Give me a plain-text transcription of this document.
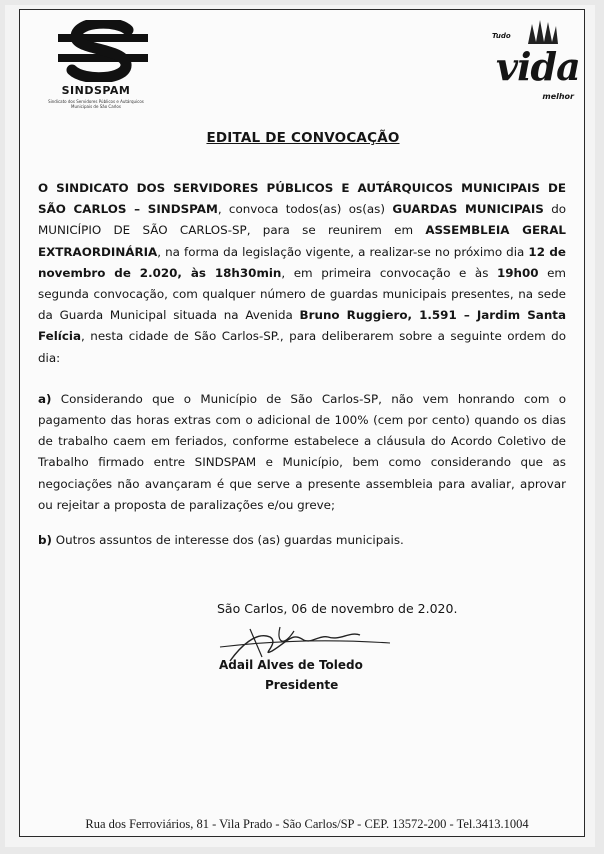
SINDSPAM
Sindicato dos Servidores Públicos e Autárquicos Municipais de São Carlos
Tudo
vida
melhor
EDITAL DE CONVOCAÇÃO

O SINDICATO DOS SERVIDORES PÚBLICOS E AUTÁRQUICOS MUNICIPAIS DE SÃO CARLOS – SINDSPAM, convoca todos(as) os(as) GUARDAS MUNICIPAIS do MUNICÍPIO DE SÃO CARLOS-SP, para se reunirem em ASSEMBLEIA GERAL EXTRAORDINÁRIA, na forma da legislação vigente, a realizar-se no próximo dia 12 de novembro de 2.020, às 18h30min, em primeira convocação e às 19h00 em segunda convocação, com qualquer número de guardas municipais presentes, na sede da Guarda Municipal situada na Avenida Bruno Ruggiero, 1.591 – Jardim Santa Felícia, nesta cidade de São Carlos-SP., para deliberarem sobre a seguinte ordem do dia:

a) Considerando que o Município de São Carlos-SP, não vem honrando com o pagamento das horas extras com o adicional de 100% (cem por cento) quando os dias de trabalho caem em feriados, conforme estabelece a cláusula do Acordo Coletivo de Trabalho firmado entre SINDSPAM e Município, bem como considerando que as negociações não avançaram é que serve a presente assembleia para avaliar, aprovar ou rejeitar a proposta de paralizações e/ou greve;

b) Outros assuntos de interesse dos (as) guardas municipais.

São Carlos, 06 de novembro de 2.020.
Adail Alves de Toledo
Presidente
Rua dos Ferroviários, 81 - Vila Prado - São Carlos/SP - CEP. 13572-200 - Tel.3413.1004
